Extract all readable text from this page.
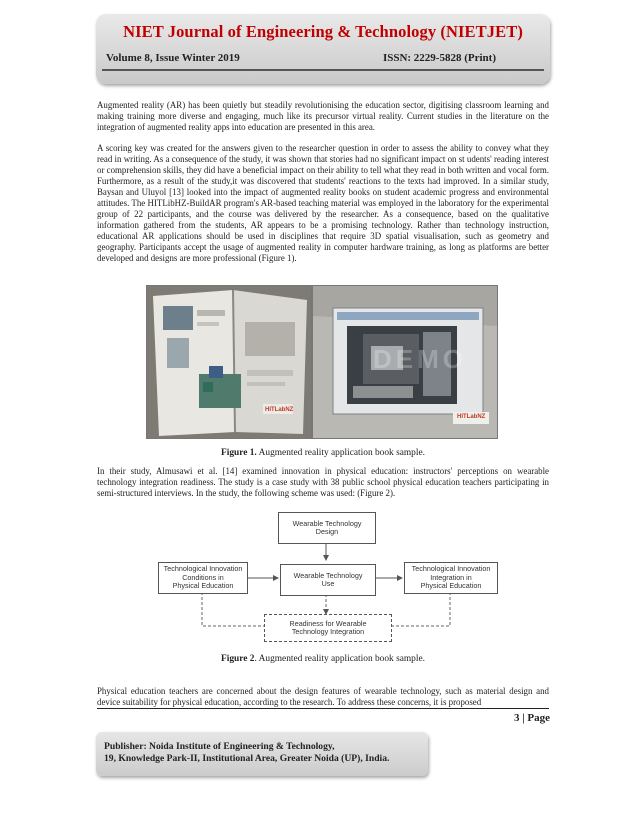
NIET Journal of Engineering & Technology (NIETJET)
Volume 8, Issue Winter 2019	ISSN: 2229-5828 (Print)
Augmented reality (AR) has been quietly but steadily revolutionising the education sector, digitising classroom learning and making training more diverse and engaging, much like its precursor virtual reality. Current studies in the literature on the integration of augmented reality apps into education are presented in this area.
A scoring key was created for the answers given to the researcher question in order to assess the ability to convey what they read in writing. As a consequence of the study, it was shown that stories had no significant impact on st udents' reading interest or comprehension skills, they did have a beneficial impact on their ability to tell what they read in both written and vocal form. Furthermore, as a result of the study,it was discovered that students' reactions to the texts had improved. In a similar study, Baysan and Uluyol [13] looked into the impact of augmented reality books on student academic progress and environmental attitudes. The HITLibHZ-BuildAR program's AR-based teaching material was employed in the laboratory for the experimental group of 22 participants, and the course was delivered by the researcher. As a consequence, based on the qualitative information gathered from the students, AR appears to be a promising technology. Rather than technology instruction, educational AR applications should be used in disciplines that require 3D spatial visualisation, such as geometry and geography. Participants accept the usage of augmented reality in computer hardware training, as long as platforms are better developed and designs are more professional (Figure 1).
HITLabNZ
HITLabNZ
DEMO
Figure 1. Augmented reality application book sample.
In their study, Almusawi et al. [14] examined innovation in physical education: instructors' perceptions on wearable technology integration readiness. The study is a case study with 38 public school physical education teachers participating in semi-structured interviews. In the study, the following scheme was used: (Figure 2).
Wearable Technology
Design
Technological Innovation
Conditions in
Physical Education
Wearable Technology
Use
Technological Innovation
Integration in
Physical Education
Readiness for Wearable
Technology Integration
Figure 2. Augmented reality application book sample.
Physical education teachers are concerned about the design features of wearable technology, such as material design and device suitability for physical education, according to the research. To address these concerns, it is proposed
3 | Page
Publisher: Noida Institute of Engineering & Technology,
19, Knowledge Park-II, Institutional Area, Greater Noida (UP), India.
